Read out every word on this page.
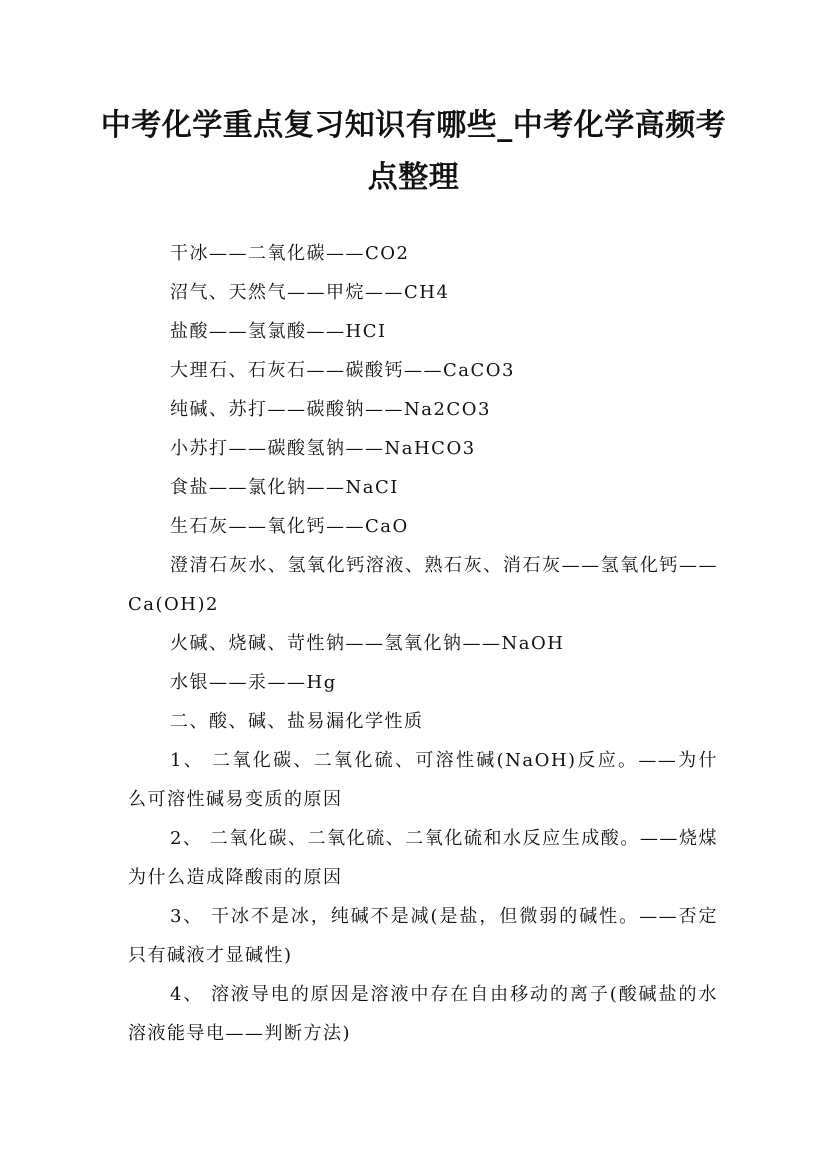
中考化学重点复习知识有哪些_中考化学高频考点整理

干冰——二氧化碳——CO2

沼气、天然气——甲烷——CH4

盐酸——氢氯酸——HCI

大理石、石灰石——碳酸钙——CaCO3

纯碱、苏打——碳酸钠——Na2CO3

小苏打——碳酸氢钠——NaHCO3

食盐——氯化钠——NaCI

生石灰——氧化钙——CaO

澄清石灰水、氢氧化钙溶液、熟石灰、消石灰——氢氧化钙——Ca(OH)2

火碱、烧碱、苛性钠——氢氧化钠——NaOH

水银——汞——Hg

二、酸、碱、盐易漏化学性质

1、 二氧化碳、二氧化硫、可溶性碱(NaOH)反应。——为什么可溶性碱易变质的原因

2、 二氧化碳、二氧化硫、二氧化硫和水反应生成酸。——烧煤为什么造成降酸雨的原因

3、 干冰不是冰，纯碱不是减(是盐，但微弱的碱性。——否定只有碱液才显碱性)

4、 溶液导电的原因是溶液中存在自由移动的离子(酸碱盐的水溶液能导电——判断方法)
